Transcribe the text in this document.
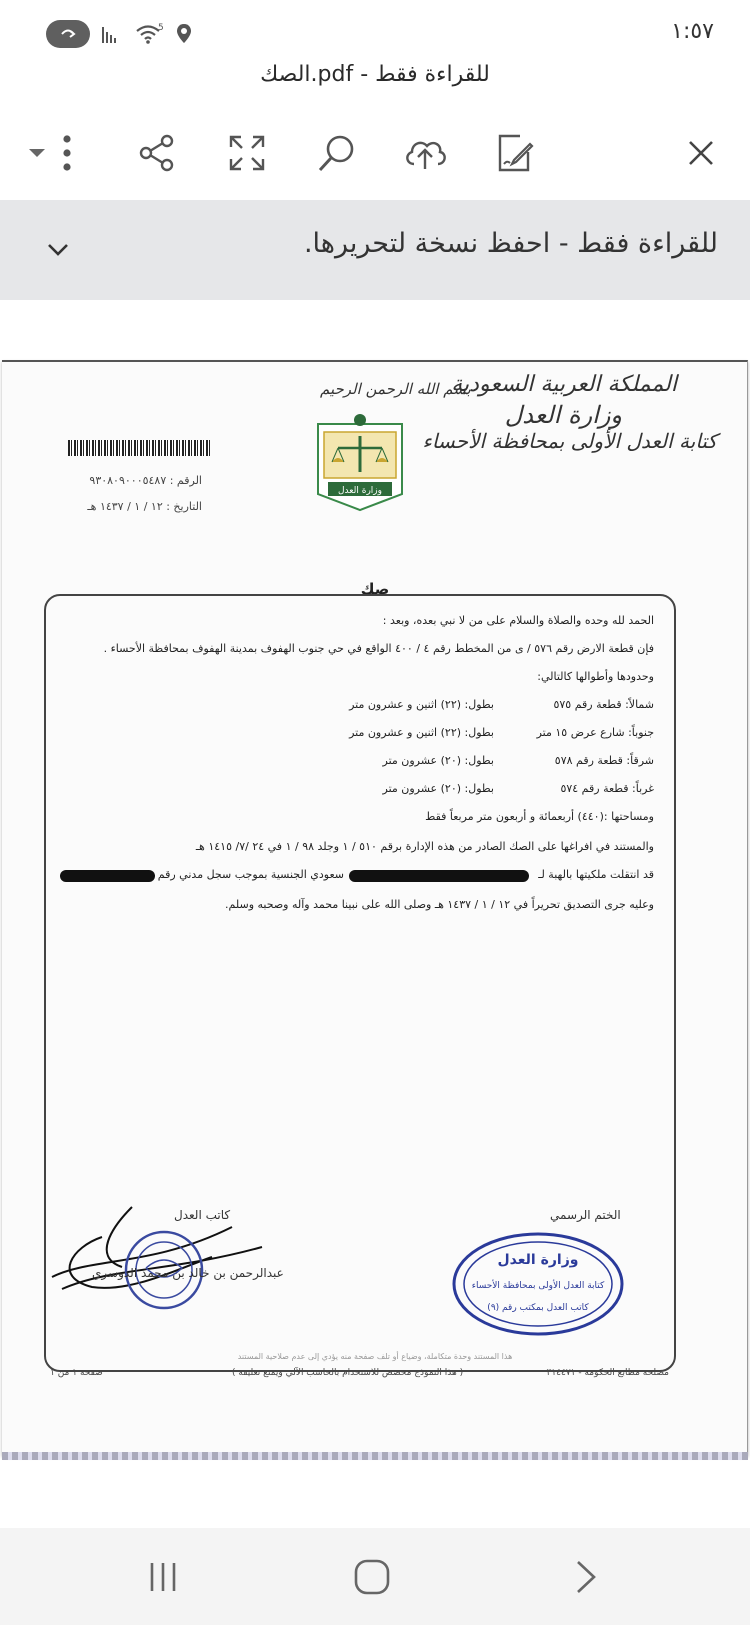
5	١:٥٧
الصك.pdf - للقراءة فقط
للقراءة فقط - احفظ نسخة لتحريرها.
المملكة العربية السعودية
وزارة العدل
كتابة العدل الأولى بمحافظة الأحساء
بسم الله الرحمن الرحيم
وزارة العدل
الرقم : ٩٣٠٨٠٩٠٠٠٥٤٨٧
التاريخ : ١٢ / ١ / ١٤٣٧ هـ
صك
الحمد لله وحده والصلاة والسلام على من لا نبي بعده، وبعد :
فإن قطعة الارض رقم ٥٧٦ / ى من المخطط رقم ٤ / ٤٠٠ الواقع في حي جنوب الهفوف بمدينة الهفوف بمحافظة الأحساء .
وحدودها وأطوالها كالتالي:
شمالاً: قطعة رقم ٥٧٥
بطول: (٢٢) اثنين و عشرون متر
جنوباً: شارع عرض ١٥ متر
بطول: (٢٢) اثنين و عشرون متر
شرقاً: قطعة رقم ٥٧٨
بطول: (٢٠) عشرون متر
غرباً: قطعة رقم ٥٧٤
بطول: (٢٠) عشرون متر
ومساحتها :(٤٤٠) أربعمائة و أربعون متر مربعاً فقط
والمستند في افراغها على الصك الصادر من هذه الإدارة برقم ٥١٠ / ١ وجلد ٩٨ / ١ في ٢٤ /٧/ ١٤١٥ هـ
قد انتقلت ملكيتها بالهبة لـ
سعودي الجنسية بموجب سجل مدني رقم
وعليه جرى التصديق تحريراً في ١٢ / ١ / ١٤٣٧ هـ وصلى الله على نبينا محمد وآله وصحبه وسلم.
الختم الرسمي
كاتب العدل
وزارة العدل
كتابة العدل الأولى بمحافظة الأحساء
كاتب العدل بمكتب رقم (٩)
عبدالرحمن بن خالد بن محمد الدوسري
هذا المستند وحدة متكاملة، وضياع أو تلف صفحة منه يؤدي إلى عدم صلاحية المستند
( هذا النموذج مخصص للاستخدام بالحاسب الآلي ويمنع تغليفه )	مصلحة مطابع الحكومة - ٣١٤٤٧١
صفحة ١ من ١
